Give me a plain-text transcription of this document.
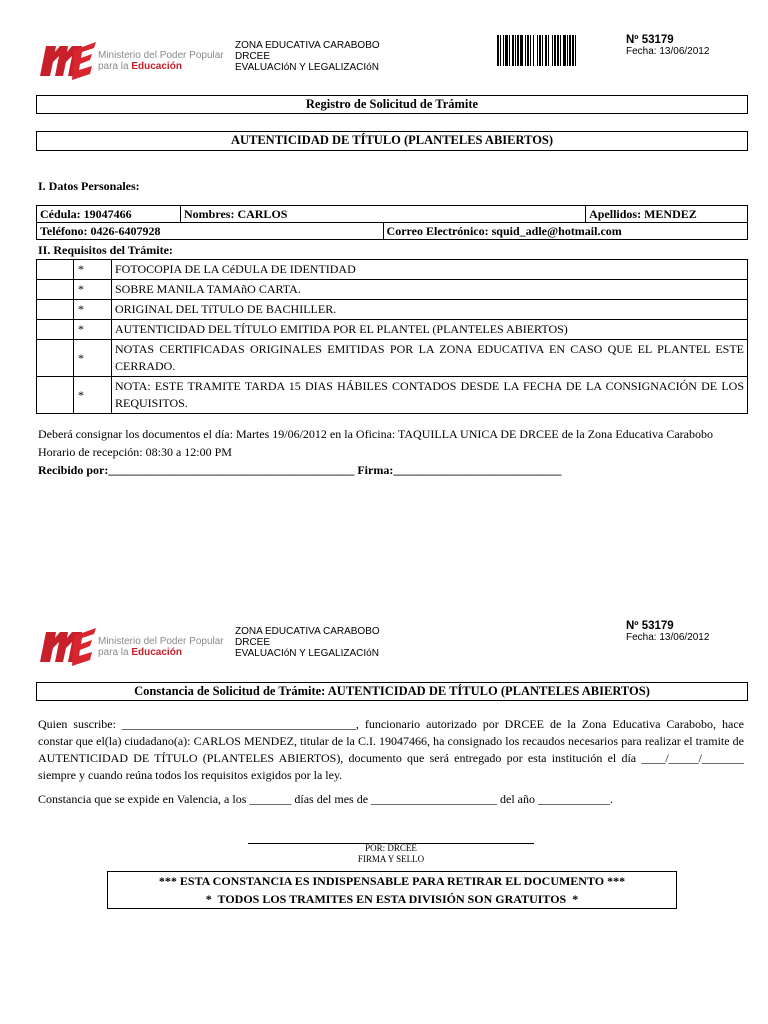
Ministerio del Poder Popular
para la Educación
ZONA EDUCATIVA CARABOBO
DRCEE
EVALUACIóN Y LEGALIZACIóN
Nº 53179
Fecha: 13/06/2012
Registro de Solicitud de Trámite
AUTENTICIDAD DE TÍTULO (PLANTELES ABIERTOS)
I. Datos Personales:
Cédula: 19047466	Nombres: CARLOS		Apellidos: MENDEZ
Teléfono: 0426-6407928		Correo Electrónico: squid_adle@hotmail.com	
II. Requisitos del Trámite:
	*	FOTOCOPIA DE LA CéDULA DE IDENTIDAD
	*	SOBRE MANILA TAMAñO CARTA.
	*	ORIGINAL DEL TíTULO DE BACHILLER.
	*	AUTENTICIDAD DEL TÍTULO EMITIDA POR EL PLANTEL (PLANTELES ABIERTOS)
	*	NOTAS CERTIFICADAS ORIGINALES EMITIDAS POR LA ZONA EDUCATIVA EN CASO QUE EL PLANTEL ESTE CERRADO.
	*	NOTA: ESTE TRAMITE TARDA 15 DIAS HÁBILES CONTADOS DESDE LA FECHA DE LA CONSIGNACIÓN DE LOS REQUISITOS.
Deberá consignar los documentos el día: Martes 19/06/2012 en la Oficina: TAQUILLA UNICA DE DRCEE de la Zona Educativa Carabobo
Horario de recepción: 08:30 a 12:00 PM
Recibido por:_________________________________________ Firma:____________________________
Ministerio del Poder Popular
para la Educación
ZONA EDUCATIVA CARABOBO
DRCEE
EVALUACIóN Y LEGALIZACIóN
Nº 53179
Fecha: 13/06/2012
Constancia de Solicitud de Trámite: AUTENTICIDAD DE TÍTULO (PLANTELES ABIERTOS)
Quien suscribe: _______________________________________, funcionario autorizado por DRCEE de la Zona Educativa Carabobo, hace constar que el(la) ciudadano(a): CARLOS MENDEZ, titular de la C.I. 19047466, ha consignado los recaudos necesarios para realizar el tramite de AUTENTICIDAD DE TÍTULO (PLANTELES ABIERTOS), documento que será entregado por esta institución el día ____/_____/_______ siempre y cuando reúna todos los requisitos exigidos por la ley.
Constancia que se expide en Valencia, a los _______ días del mes de _____________________ del año ____________.
POR: DRCEE
FIRMA Y SELLO
*** ESTA CONSTANCIA ES INDISPENSABLE PARA RETIRAR EL DOCUMENTO ***
*  TODOS LOS TRAMITES EN ESTA DIVISIÓN SON GRATUITOS  *
